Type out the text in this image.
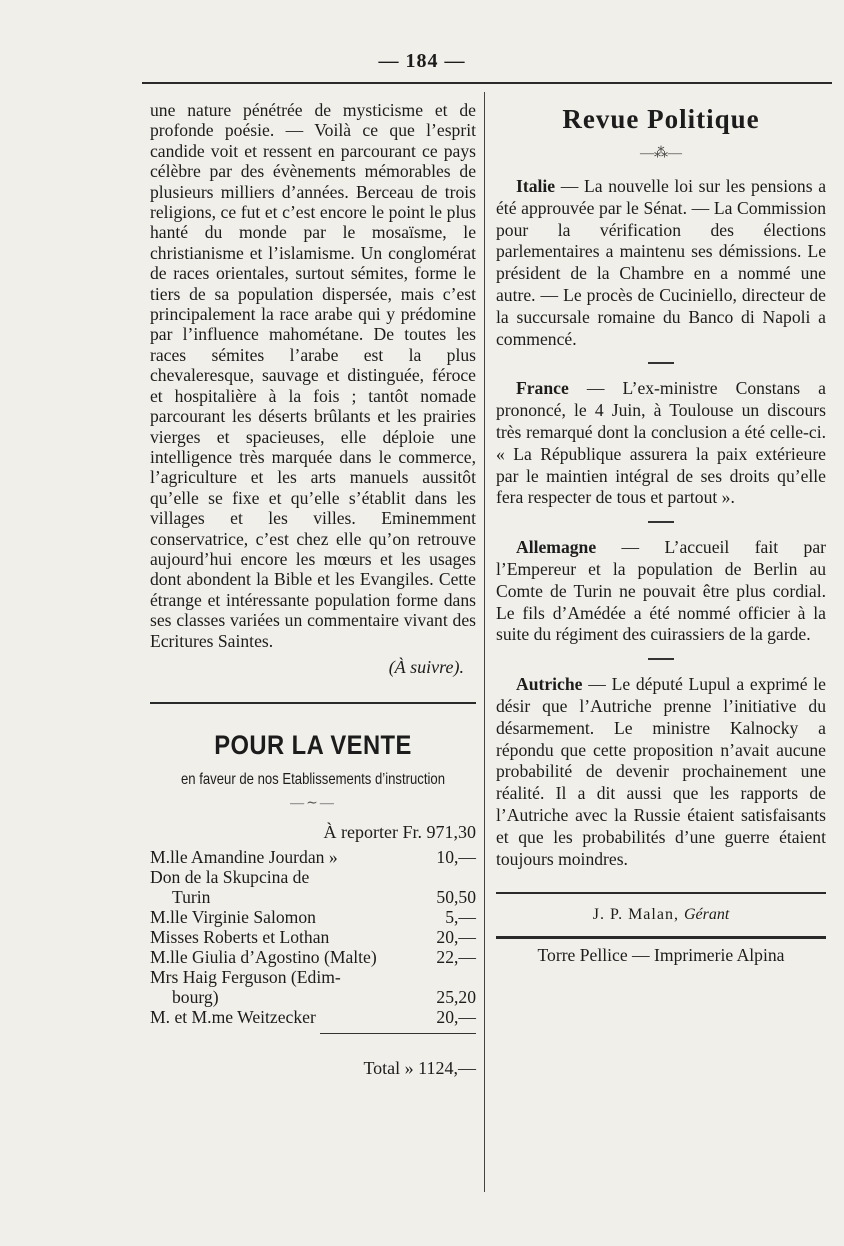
— 184 —

une nature pénétrée de mysticisme et de profonde poésie. — Voilà ce que l’esprit candide voit et ressent en parcourant ce pays célèbre par des évènements mémorables de plusieurs milliers d’années. Berceau de trois religions, ce fut et c’est encore le point le plus hanté du monde par le mosaïsme, le christianisme et l’islamisme. Un conglomérat de races orientales, surtout sémites, forme le tiers de sa population dispersée, mais c’est principalement la race arabe qui y prédomine par l’influence mahométane. De toutes les races sémites l’arabe est la plus chevaleresque, sauvage et distinguée, féroce et hospitalière à la fois ; tantôt nomade parcourant les déserts brûlants et les prairies vierges et spacieuses, elle déploie une intelligence très marquée dans le commerce, l’agriculture et les arts manuels aussitôt qu’elle se fixe et qu’elle s’établit dans les villages et les villes. Eminemment conservatrice, c’est chez elle qu’on retrouve aujourd’hui encore les mœurs et les usages dont abondent la Bible et les Evangiles. Cette étrange et intéressante population forme dans ses classes variées un commentaire vivant des Ecritures Saintes.

(À suivre).
POUR LA VENTE
en faveur de nos Etablissements d’instruction
—∼—
À reporter Fr. 971,30
M.lle Amandine Jourdan »	10,—
Don de la Skupcina de	
Turin	50,50
M.lle Virginie Salomon	5,—
Misses Roberts et Lothan	20,—
M.lle Giulia d’Agostino (Malte)	22,—
Mrs Haig Ferguson (Edim-	
bourg)	25,20
M. et M.me Weitzecker	20,—
Total » 1124,—
Revue Politique
—⁂—

Italie — La nouvelle loi sur les pensions a été approuvée par le Sénat. — La Commission pour la vérification des élections parlementaires a maintenu ses démissions. Le président de la Chambre en a nommé une autre. — Le procès de Cuciniello, directeur de la succursale romaine du Banco di Napoli a commencé.

France — L’ex-ministre Constans a prononcé, le 4 Juin, à Toulouse un discours très remarqué dont la conclusion a été celle-ci. « La République assurera la paix extérieure par le maintien intégral de ses droits qu’elle fera respecter de tous et partout ».

Allemagne — L’accueil fait par l’Empereur et la population de Berlin au Comte de Turin ne pouvait être plus cordial. Le fils d’Amédée a été nommé officier à la suite du régiment des cuirassiers de la garde.

Autriche — Le député Lupul a exprimé le désir que l’Autriche prenne l’initiative du désarmement. Le ministre Kalnocky a répondu que cette proposition n’avait aucune probabilité de devenir prochainement une réalité. Il a dit aussi que les rapports de l’Autriche avec la Russie étaient satisfaisants et que les probabilités d’une guerre étaient toujours moindres.

J. P. Malan, Gérant
Torre Pellice — Imprimerie Alpina
